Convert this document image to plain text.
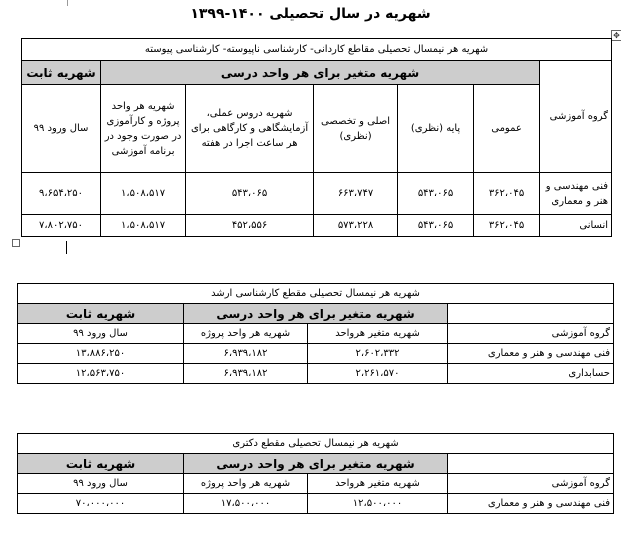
شهریه در سال تحصیلی ۱۴۰۰-۱۳۹۹
✥
شهریه هر نیمسال تحصیلی مقاطع کاردانی- کارشناسی ناپیوسته- کارشناسی پیوسته						
گروه آموزشی	شهریه متغیر برای هر واحد درسی					شهریه ثابت
	عمومی	پایه (نظری)	اصلی و تخصصی (نظری)	شهریه دروس عملی، آزمایشگاهی و کارگاهی برای هر ساعت اجرا در هفته	شهریه هر واحد پروژه و کارآموزی در صورت وجود در برنامه آموزشی	سال ورود ۹۹
فنی مهندسی و هنر و معماری	۳۶۲،۰۴۵	۵۴۳،۰۶۵	۶۶۳،۷۴۷	۵۴۳،۰۶۵	۱،۵۰۸،۵۱۷	۹،۶۵۴،۲۵۰
انسانی	۳۶۲،۰۴۵	۵۴۳،۰۶۵	۵۷۳،۲۲۸	۴۵۲،۵۵۶	۱،۵۰۸،۵۱۷	۷،۸۰۲،۷۵۰
شهریه هر نیمسال تحصیلی مقطع کارشناسی ارشد			
	شهریه متغیر برای هر واحد درسی		شهریه ثابت
گروه آموزشی	شهریه متغیر هرواحد	شهریه هر واحد پروژه	سال ورود ۹۹
فنی مهندسی و هنر و معماری	۲،۶۰۲،۳۳۲	۶،۹۳۹،۱۸۲	۱۳،۸۸۶،۲۵۰
حسابداری	۲،۲۶۱،۵۷۰	۶،۹۳۹،۱۸۲	۱۲،۵۶۳،۷۵۰
شهریه هر نیمسال تحصیلی مقطع دکتری			
	شهریه متغیر برای هر واحد درسی		شهریه ثابت
گروه آموزشی	شهریه متغیر هرواحد	شهریه هر واحد پروژه	سال ورود ۹۹
فنی مهندسی و هنر و معماری	۱۲،۵۰۰،۰۰۰	۱۷،۵۰۰،۰۰۰	۷۰،۰۰۰،۰۰۰
